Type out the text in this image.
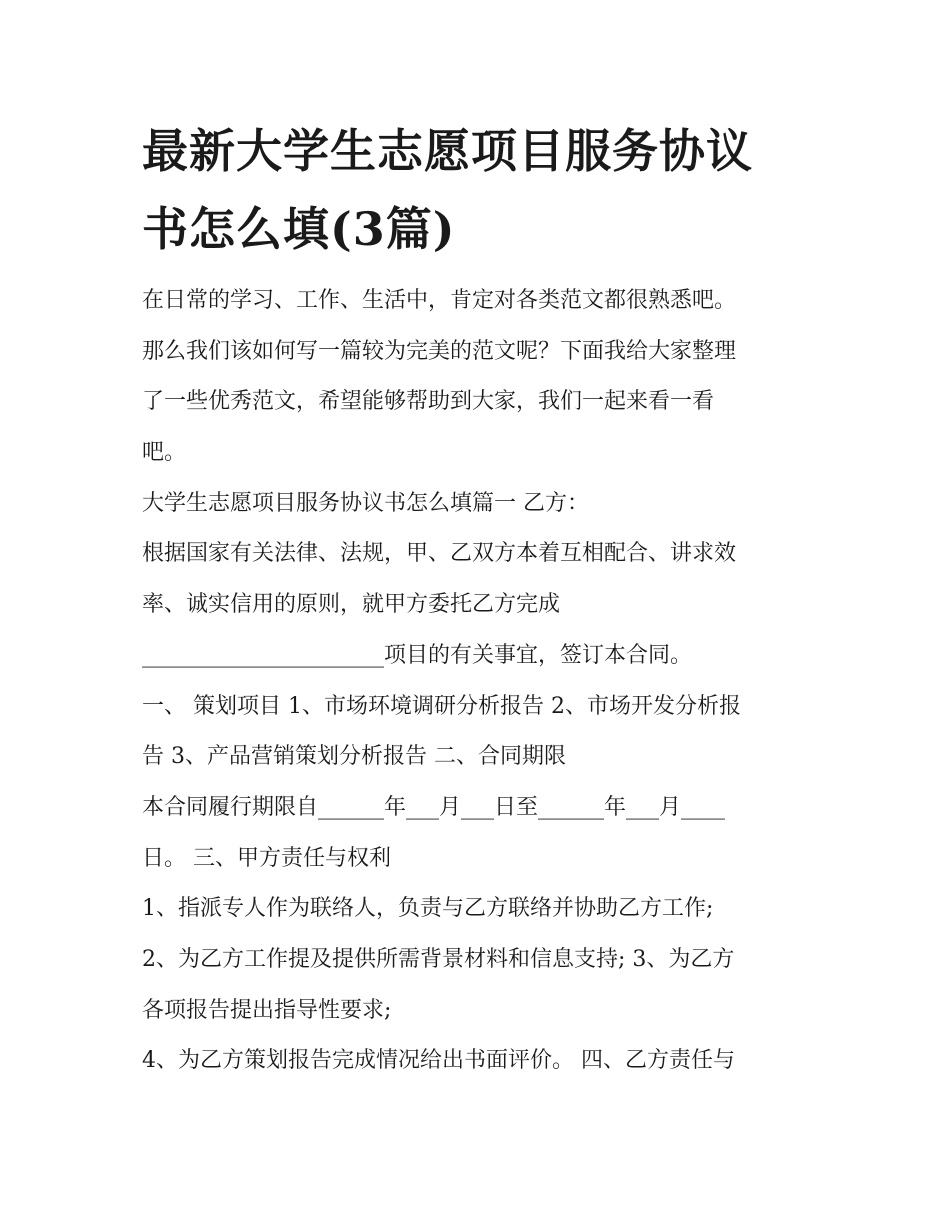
最新大学生志愿项目服务协议
书怎么填(3篇)
在日常的学习、工作、生活中，肯定对各类范文都很熟悉吧。
那么我们该如何写一篇较为完美的范文呢？下面我给大家整理
了一些优秀范文，希望能够帮助到大家，我们一起来看一看
吧。
大学生志愿项目服务协议书怎么填篇一 乙方：
根据国家有关法律、法规，甲、乙双方本着互相配合、讲求效
率、诚实信用的原则，就甲方委托乙方完成
______________________项目的有关事宜，签订本合同。
一、 策划项目 1、市场环境调研分析报告 2、市场开发分析报
告 3、产品营销策划分析报告 二、合同期限
本合同履行期限自______年___月___日至______年___月____
日。 三、甲方责任与权利
1、指派专人作为联络人，负责与乙方联络并协助乙方工作;
2、为乙方工作提及提供所需背景材料和信息支持; 3、为乙方
各项报告提出指导性要求;
4、为乙方策划报告完成情况给出书面评价。 四、乙方责任与
